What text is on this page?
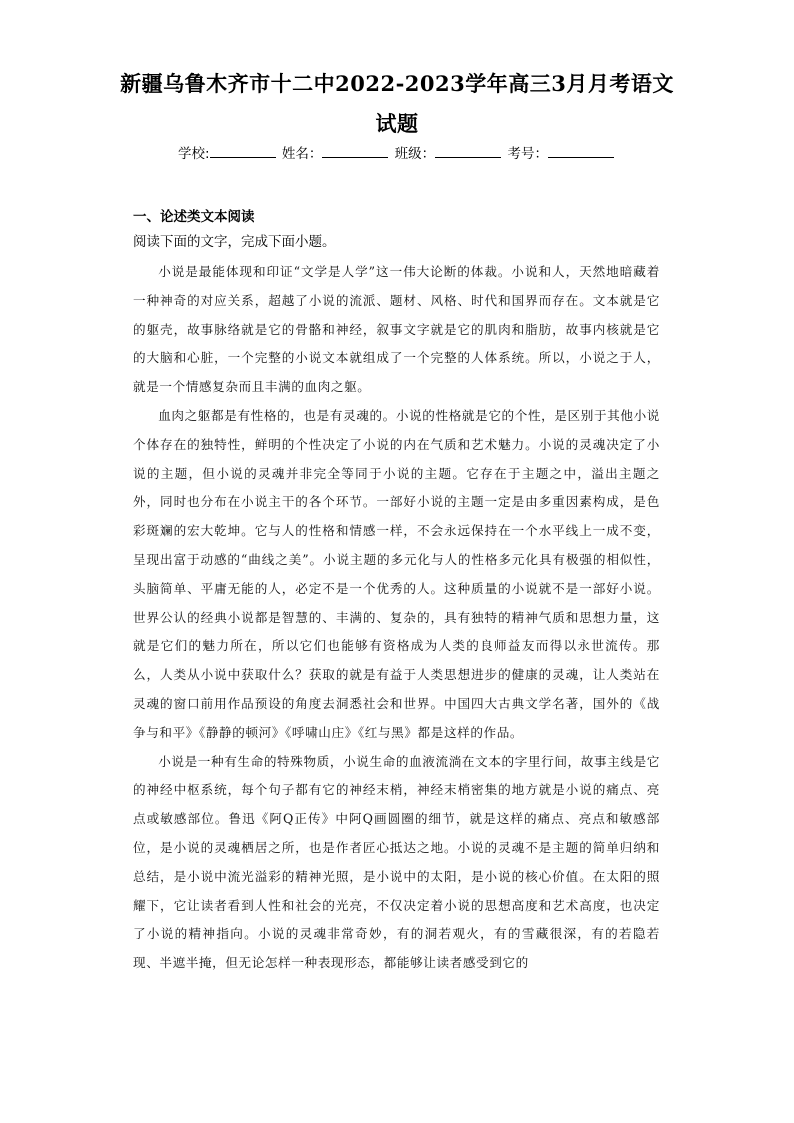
新疆乌鲁木齐市十二中2022-2023学年高三3月月考语文试题
学校:	姓名：	班级：	考号：
一、论述类文本阅读
阅读下面的文字，完成下面小题。

小说是最能体现和印证“文学是人学”这一伟大论断的体裁。小说和人，天然地暗藏着一种神奇的对应关系，超越了小说的流派、题材、风格、时代和国界而存在。文本就是它的躯壳，故事脉络就是它的骨骼和神经，叙事文字就是它的肌肉和脂肪，故事内核就是它的大脑和心脏，一个完整的小说文本就组成了一个完整的人体系统。所以，小说之于人，就是一个情感复杂而且丰满的血肉之躯。

血肉之躯都是有性格的，也是有灵魂的。小说的性格就是它的个性，是区别于其他小说个体存在的独特性，鲜明的个性决定了小说的内在气质和艺术魅力。小说的灵魂决定了小说的主题，但小说的灵魂并非完全等同于小说的主题。它存在于主题之中，溢出主题之外，同时也分布在小说主干的各个环节。一部好小说的主题一定是由多重因素构成，是色彩斑斓的宏大乾坤。它与人的性格和情感一样，不会永远保持在一个水平线上一成不变，呈现出富于动感的“曲线之美”。小说主题的多元化与人的性格多元化具有极强的相似性，头脑简单、平庸无能的人，必定不是一个优秀的人。这种质量的小说就不是一部好小说。世界公认的经典小说都是智慧的、丰满的、复杂的，具有独特的精神气质和思想力量，这就是它们的魅力所在，所以它们也能够有资格成为人类的良师益友而得以永世流传。那么，人类从小说中获取什么？获取的就是有益于人类思想进步的健康的灵魂，让人类站在灵魂的窗口前用作品预设的角度去洞悉社会和世界。中国四大古典文学名著，国外的《战争与和平》《静静的顿河》《呼啸山庄》《红与黑》都是这样的作品。

小说是一种有生命的特殊物质，小说生命的血液流淌在文本的字里行间，故事主线是它的神经中枢系统，每个句子都有它的神经末梢，神经末梢密集的地方就是小说的痛点、亮点或敏感部位。鲁迅《阿Q正传》中阿Q画圆圈的细节，就是这样的痛点、亮点和敏感部位，是小说的灵魂栖居之所，也是作者匠心抵达之地。小说的灵魂不是主题的简单归纳和总结，是小说中流光溢彩的精神光照，是小说中的太阳，是小说的核心价值。在太阳的照耀下，它让读者看到人性和社会的光亮，不仅决定着小说的思想高度和艺术高度，也决定了小说的精神指向。小说的灵魂非常奇妙，有的洞若观火，有的雪藏很深，有的若隐若现、半遮半掩，但无论怎样一种表现形态，都能够让读者感受到它的
